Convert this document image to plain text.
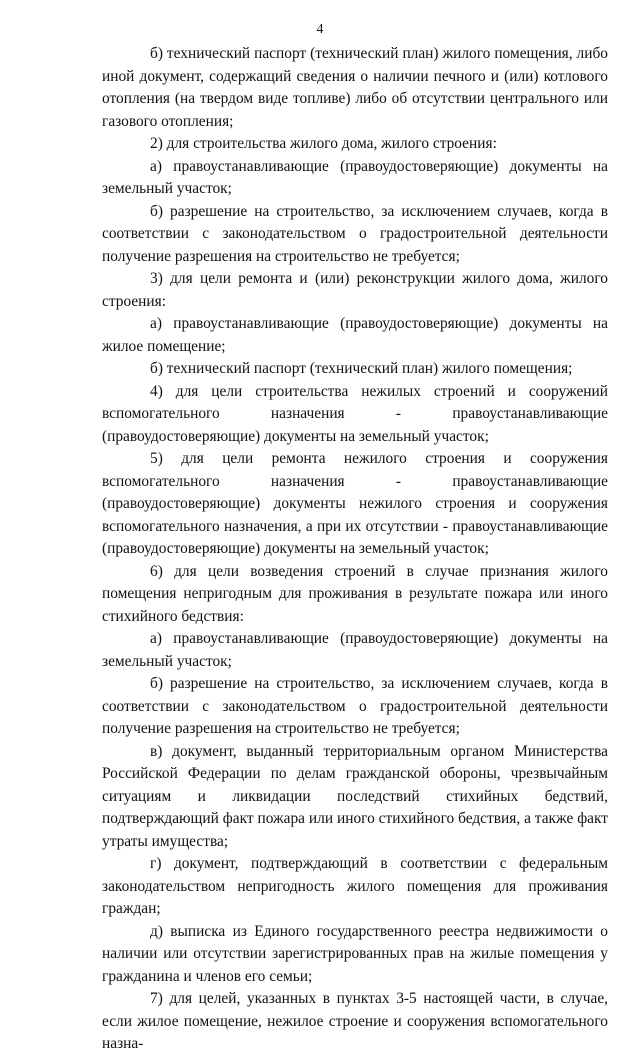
4

б) технический паспорт (технический план) жилого помещения, либо иной документ, содержащий сведения о наличии печного и (или) котлового отопления (на твердом виде топливе) либо об отсутствии центрального или газового отопления;

2) для строительства жилого дома, жилого строения:

а) правоустанавливающие (правоудостоверяющие) документы на земельный участок;

б) разрешение на строительство, за исключением случаев, когда в соответствии с законодательством о градостроительной деятельности получение разрешения на строительство не требуется;

3) для цели ремонта и (или) реконструкции жилого дома, жилого строения:

а) правоустанавливающие (правоудостоверяющие) документы на жилое помещение;

б) технический паспорт (технический план) жилого помещения;

4) для цели строительства нежилых строений и сооружений вспомогательного назначения - правоустанавливающие (правоудостоверяющие) документы на земельный участок;

5) для цели ремонта нежилого строения и сооружения вспомогательного назначения - правоустанавливающие (правоудостоверяющие) документы нежилого строения и сооружения вспомогательного назначения, а при их отсутствии - правоустанавливающие (правоудостоверяющие) документы на земельный участок;

6) для цели возведения строений в случае признания жилого помещения непригодным для проживания в результате пожара или иного стихийного бедствия:

а) правоустанавливающие (правоудостоверяющие) документы на земельный участок;

б) разрешение на строительство, за исключением случаев, когда в соответствии с законодательством о градостроительной деятельности получение разрешения на строительство не требуется;

в) документ, выданный территориальным органом Министерства Российской Федерации по делам гражданской обороны, чрезвычайным ситуациям и ликвидации последствий стихийных бедствий, подтверждающий факт пожара или иного стихийного бедствия, а также факт утраты имущества;

г) документ, подтверждающий в соответствии с федеральным законодательством непригодность жилого помещения для проживания граждан;

д) выписка из Единого государственного реестра недвижимости о наличии или отсутствии зарегистрированных прав на жилые помещения у гражданина и членов его семьи;

7) для целей, указанных в пунктах 3-5 настоящей части, в случае, если жилое помещение, нежилое строение и сооружения вспомогательного назна-
